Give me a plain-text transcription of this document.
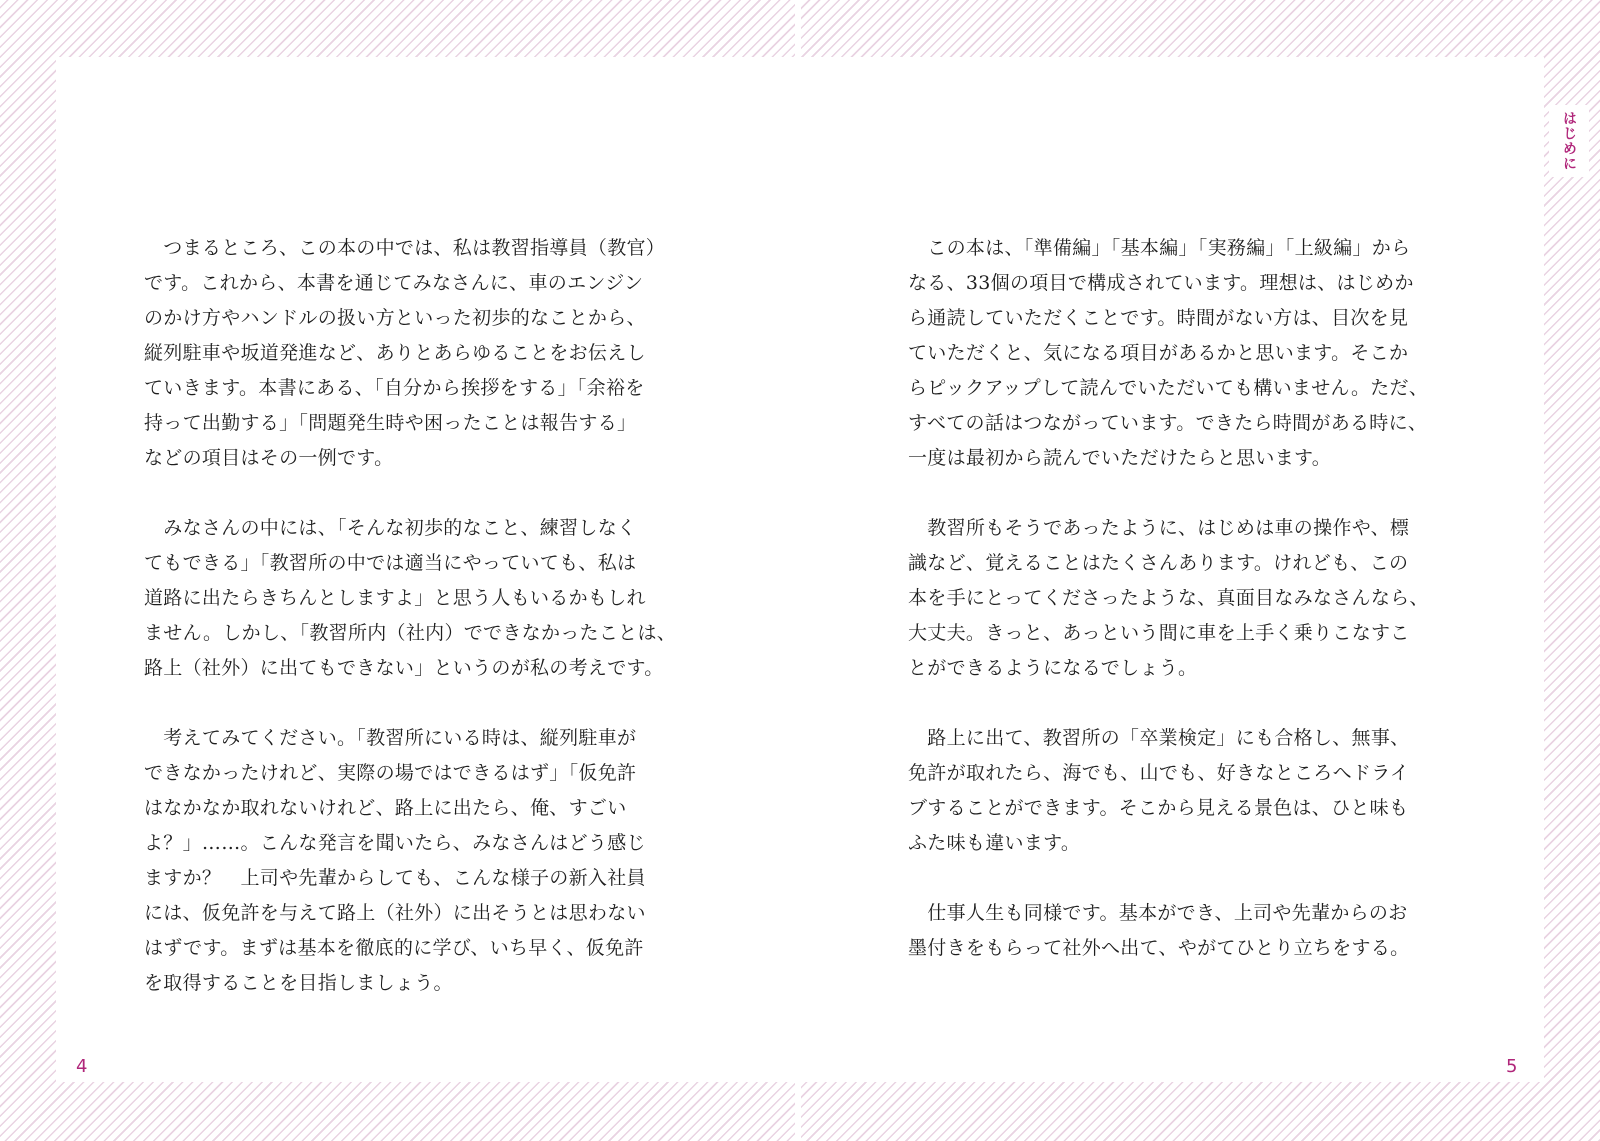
　つまるところ、この本の中では、私は教習指導員（教官）
です。これから、本書を通じてみなさんに、車のエンジン
のかけ方やハンドルの扱い方といった初歩的なことから、
縦列駐車や坂道発進など、ありとあらゆることをお伝えし
ていきます。本書にある、「自分から挨拶をする」「余裕を
持って出勤する」「問題発生時や困ったことは報告する」
などの項目はその一例です。

　みなさんの中には、「そんな初歩的なこと、練習しなく
てもできる」「教習所の中では適当にやっていても、私は
道路に出たらきちんとしますよ」と思う人もいるかもしれ
ません。しかし、「教習所内（社内）でできなかったことは、
路上（社外）に出てもできない」というのが私の考えです。

　考えてみてください。「教習所にいる時は、縦列駐車が
できなかったけれど、実際の場ではできるはず」「仮免許
はなかなか取れないけれど、路上に出たら、俺、すごい
よ？」……。こんな発言を聞いたら、みなさんはどう感じ
ますか？　上司や先輩からしても、こんな様子の新入社員
には、仮免許を与えて路上（社外）に出そうとは思わない
はずです。まずは基本を徹底的に学び、いち早く、仮免許
を取得することを目指しましょう。

　この本は、「準備編」「基本編」「実務編」「上級編」から
なる、33個の項目で構成されています。理想は、はじめか
ら通読していただくことです。時間がない方は、目次を見
ていただくと、気になる項目があるかと思います。そこか
らピックアップして読んでいただいても構いません。ただ、
すべての話はつながっています。できたら時間がある時に、
一度は最初から読んでいただけたらと思います。

　教習所もそうであったように、はじめは車の操作や、標
識など、覚えることはたくさんあります。けれども、この
本を手にとってくださったような、真面目なみなさんなら、
大丈夫。きっと、あっという間に車を上手く乗りこなすこ
とができるようになるでしょう。

　路上に出て、教習所の「卒業検定」にも合格し、無事、
免許が取れたら、海でも、山でも、好きなところへドライ
ブすることができます。そこから見える景色は、ひと味も
ふた味も違います。

　仕事人生も同様です。基本ができ、上司や先輩からのお
墨付きをもらって社外へ出て、やがてひとり立ちをする。

4	5
はじめに
